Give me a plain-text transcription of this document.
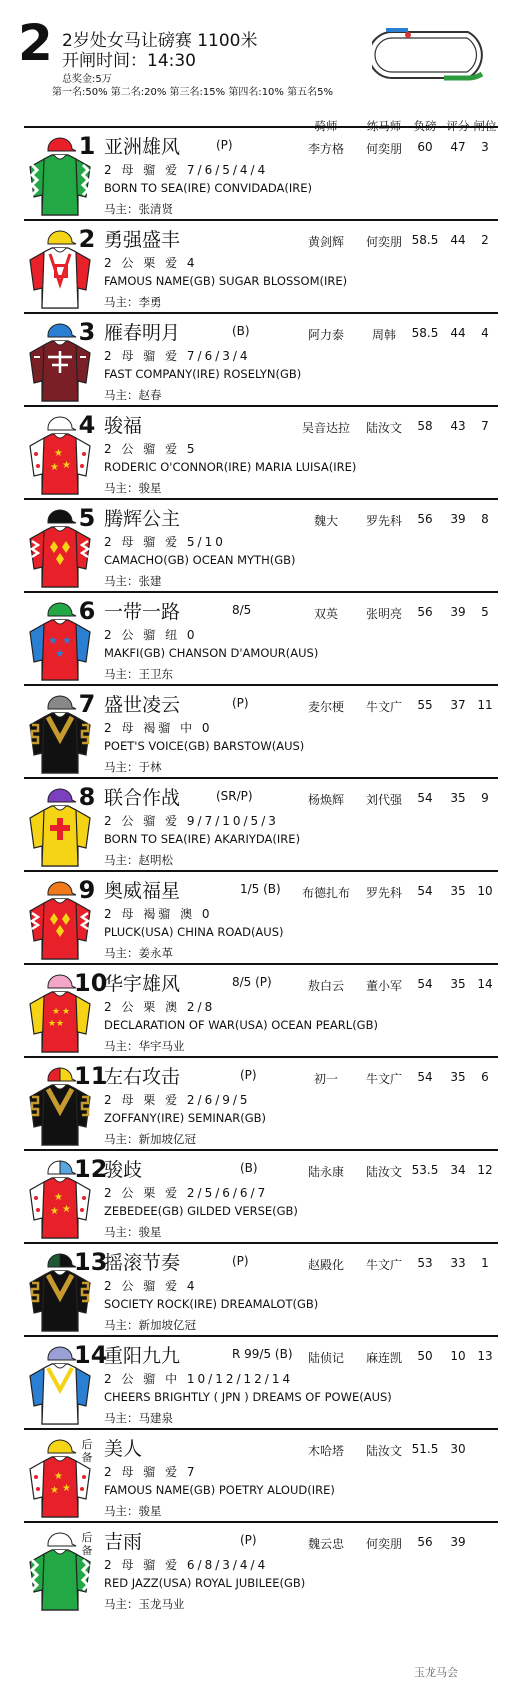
2 2岁处女马让磅赛 1100米
开闸时间：14:30
总奖金:5万
第一名:50% 第二名:20% 第三名:15% 第四名:10% 第五名5%
骑师	练马师	负磅 评分 闸位
1 亚洲雄风	(P)	李方格	何奕朋	60	47	3
2 母 骝 爱 7/6/5/4/4
BORN TO SEA(IRE) CONVIDADA(IRE)
马主：张清贤
2 勇强盛丰	黄剑辉	何奕朋 58.5	44	2
2 公 栗 爱 4
FAMOUS NAME(GB) SUGAR BLOSSOM(IRE)
马主：李勇
3 雁春明月	(B)	阿力泰	周韩	58.5	44	4
2 母 骝 爱 7/6/3/4
FAST COMPANY(IRE) ROSELYN(GB)
马主：赵春
★
★
★
4 骏福	吴音达拉	陆汝文	58	43	7
2 公 骝 爱 5
RODERIC O'CONNOR(IRE) MARIA LUISA(IRE)
马主：骏星
5 腾辉公主	魏大	罗先科	56	39	8
2 母 骝 爱 5/10
CAMACHO(GB) OCEAN MYTH(GB)
马主：张建
★ ★
★
6 一带一路	8/5	双英	张明亮	56	39	5
2 公 骝 纽 0
MAKFI(GB) CHANSON D'AMOUR(AUS)
马主：王卫东
7 盛世凌云	(P)	麦尔梗	牛文广	55	37 11
2 母 褐骝 中 0
POET'S VOICE(GB) BARSTOW(AUS)
马主：于林
8 联合作战	(SR/P)	杨焕辉	刘代强	54	35	9
2 公 骝 爱 9/7/10/5/3
BORN TO SEA(IRE) AKARIYDA(IRE)
马主：赵明松
9 奥威福星	1/5 (B)	布德扎布	罗先科	54	35 10
2 母 褐骝 澳 0
PLUCK(USA) CHINA ROAD(AUS)
马主：姜永革
★ ★
★
★
10
华宇雄风	8/5 (P)	敖白云	董小军	54	35 14
2 公 栗 澳 2/8
DECLARATION OF WAR(USA) OCEAN PEARL(GB)
马主：华宇马业
11
左右攻击	(P)	初一	牛文广	54	35	6
2 母 栗 爱 2/6/9/5
ZOFFANY(IRE) SEMINAR(GB)
马主：新加坡亿冠
★
★
★
12
骏歧	(B)	陆永康	陆汝文 53.5	34 12
2 公 栗 爱 2/5/6/6/7
ZEBEDEE(GB) GILDED VERSE(GB)
马主：骏星
13
摇滚节奏	(P)	赵殿化	牛文广	53	33	1
2 公 骝 爱 4
SOCIETY ROCK(IRE) DREAMALOT(GB)
马主：新加坡亿冠
14
重阳九九	R 99/5 (B)	陆侦记	麻连凯	50	10 13
2 公 骝 中 10/12/12/14
CHEERS BRIGHTLY ( JPN ) DREAMS OF POWE(AUS)
马主：马建泉
★
★
★
后备 美人	木哈塔	陆汝文 51.5	30
2 母 骝 爱 7
FAMOUS NAME(GB) POETRY ALOUD(IRE)
马主：骏星
后备 吉雨	(P)	魏云忠	何奕朋	56	39
2 母 骝 爱 6/8/3/4/4
RED JAZZ(USA) ROYAL JUBILEE(GB)
马主：玉龙马业
玉龙马会
